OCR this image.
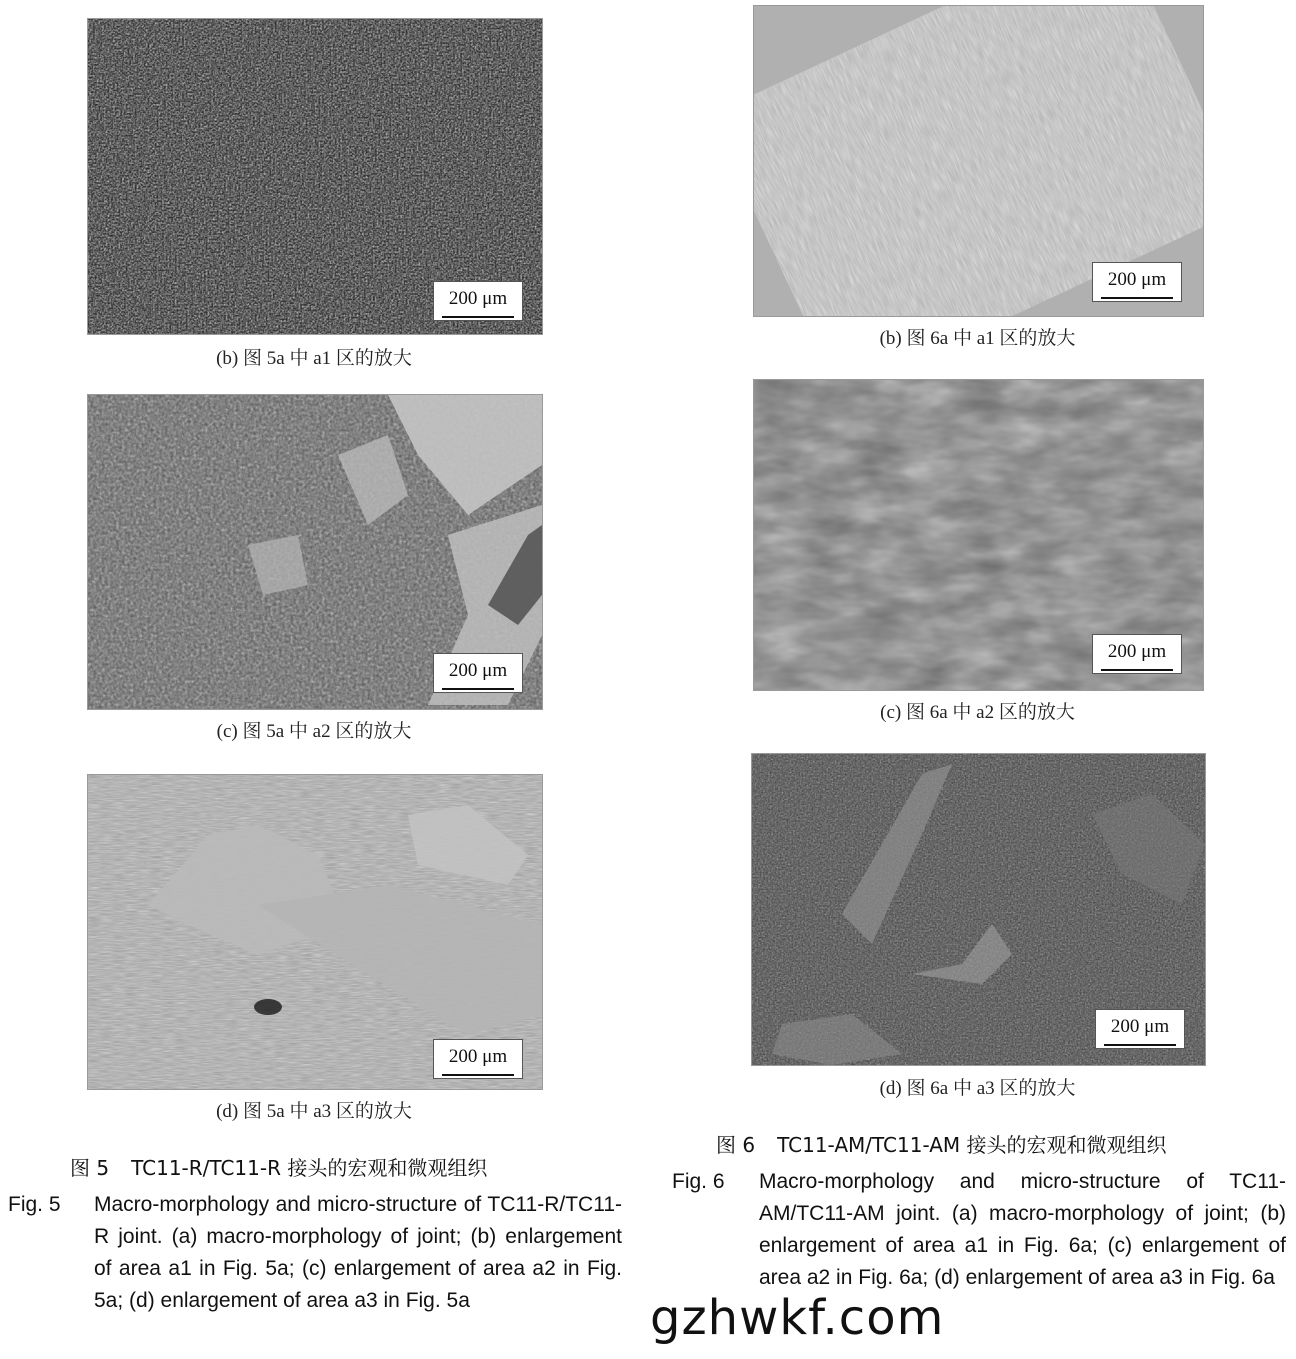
200 μm
(b) 图 5a 中 a1 区的放大
200 μm
(c) 图 5a 中 a2 区的放大
200 μm
(d) 图 5a 中 a3 区的放大
图 5 TC11-R/TC11-R 接头的宏观和微观组织
Fig. 5 Macro-morphology and micro-structure of TC11-R/TC11-R joint. (a) macro-morphology of joint; (b) enlargement of area a1 in Fig. 5a; (c) enlargement of area a2 in Fig. 5a; (d) enlargement of area a3 in Fig. 5a
200 μm
(b) 图 6a 中 a1 区的放大
200 μm
(c) 图 6a 中 a2 区的放大
200 μm
(d) 图 6a 中 a3 区的放大
图 6 TC11-AM/TC11-AM 接头的宏观和微观组织
Fig. 6 Macro-morphology and micro-structure of TC11-AM/TC11-AM joint. (a) macro-morphology of joint; (b) enlargement of area a1 in Fig. 6a; (c) enlargement of area a2 in Fig. 6a; (d) enlargement of area a3 in Fig. 6a
gzhwkf.com
